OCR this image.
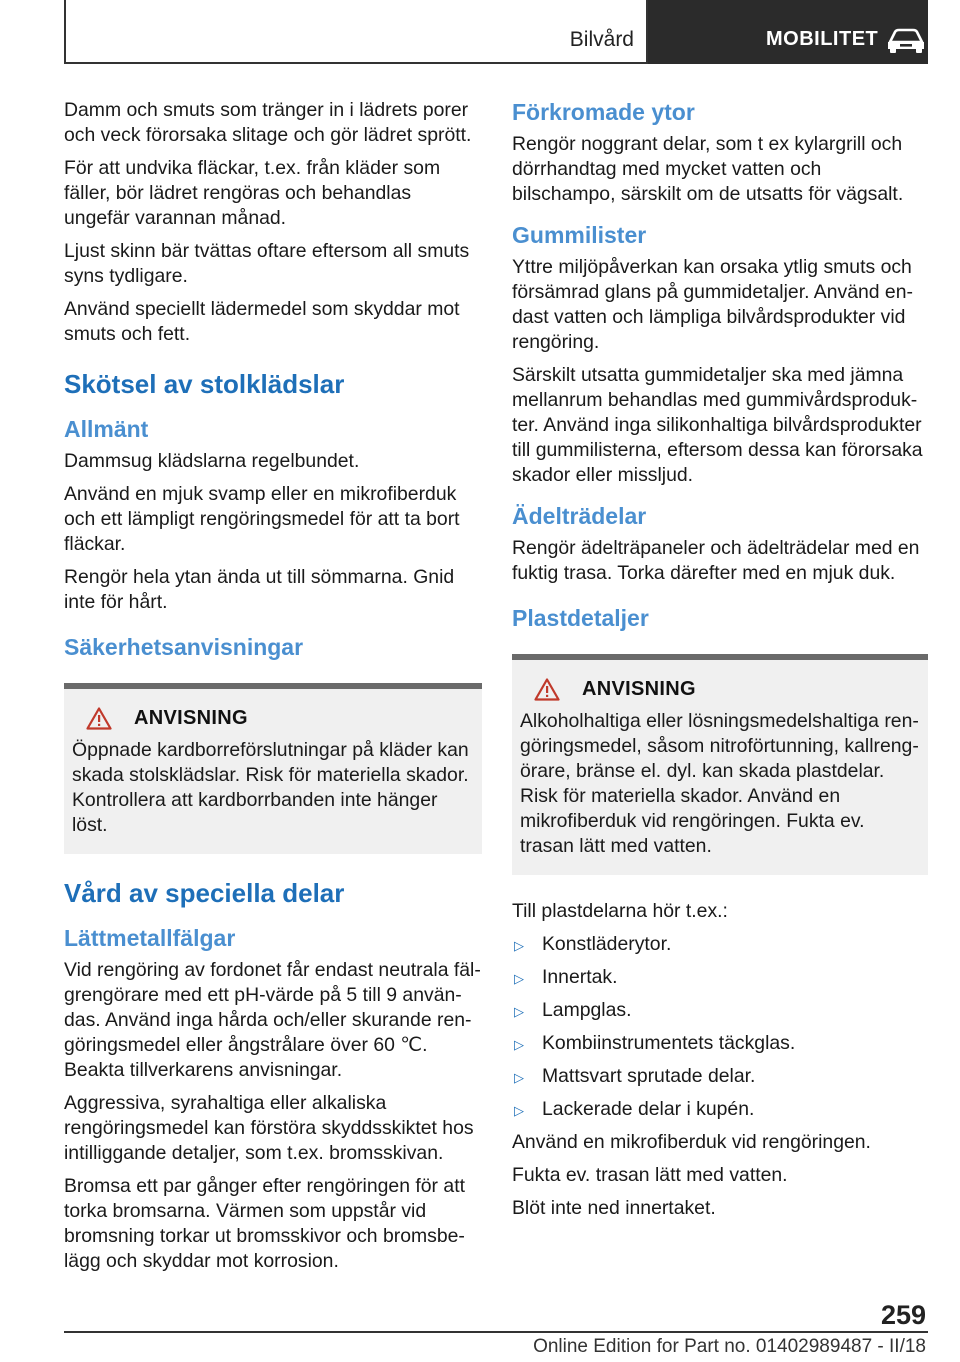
Bilvård	MOBILITET

Damm och smuts som tränger in i lädrets porer och veck förorsaka slitage och gör lädret sprött.

För att undvika fläckar, t.ex. från kläder som fäller, bör lädret rengöras och behandlas ungefär varannan månad.

Ljust skinn bär tvättas oftare eftersom all smuts syns tydligare.

Använd speciellt lädermedel som skyddar mot smuts och fett.

Skötsel av stolklädslar
Allmänt

Dammsug klädslarna regelbundet.

Använd en mjuk svamp eller en mikrofiberduk och ett lämpligt rengöringsmedel för att ta bort fläckar.

Rengör hela ytan ända ut till sömmarna. Gnid inte för hårt.

Säkerhetsanvisningar
ANVISNING

Öppnade kardborreförslutningar på kläder kan skada stolsklädslar. Risk för materiella skador. Kontrollera att kardborrbanden inte hänger löst.

Vård av speciella delar
Lättmetallfälgar

Vid rengöring av fordonet får endast neutrala fälgrengörare med ett pH-värde på 5 till 9 användas. Använd inga hårda och/eller skurande rengöringsmedel eller ångstrålare över 60 ℃. Beakta tillverkarens anvisningar.

Aggressiva, syrahaltiga eller alkaliska rengöringsmedel kan förstöra skyddsskiktet hos intilliggande detaljer, som t.ex. bromsskivan.

Bromsa ett par gånger efter rengöringen för att torka bromsarna. Värmen som uppstår vid bromsning torkar ut bromsskivor och bromsbelägg och skyddar mot korrosion.

Förkromade ytor

Rengör noggrant delar, som t ex kylargrill och dörrhandtag med mycket vatten och bilschampo, särskilt om de utsatts för vägsalt.

Gummilister

Yttre miljöpåverkan kan orsaka ytlig smuts och försämrad glans på gummidetaljer. Använd endast vatten och lämpliga bilvårdsprodukter vid rengöring.

Särskilt utsatta gummidetaljer ska med jämna mellanrum behandlas med gummivårdsprodukter. Använd inga silikonhaltiga bilvårdsprodukter till gummilisterna, eftersom dessa kan förorsaka skador eller missljud.

Ädelträdelar

Rengör ädelträpaneler och ädelträdelar med en fuktig trasa. Torka därefter med en mjuk duk.

Plastdetaljer
ANVISNING

Alkoholhaltiga eller lösningsmedelshaltiga rengöringsmedel, såsom nitroförtunning, kallrengörare, bränse el. dyl. kan skada plastdelar. Risk för materiella skador. Använd en mikrofiberduk vid rengöringen. Fukta ev. trasan lätt med vatten.

Till plastdelarna hör t.ex.:

▷ Konstläderytor.
▷ Innertak.
▷ Lampglas.
▷ Kombiinstrumentets täckglas.
▷ Mattsvart sprutade delar.
▷ Lackerade delar i kupén.

Använd en mikrofiberduk vid rengöringen.

Fukta ev. trasan lätt med vatten.

Blöt inte ned innertaket.

259
Online Edition for Part no. 01402989487 - II/18
